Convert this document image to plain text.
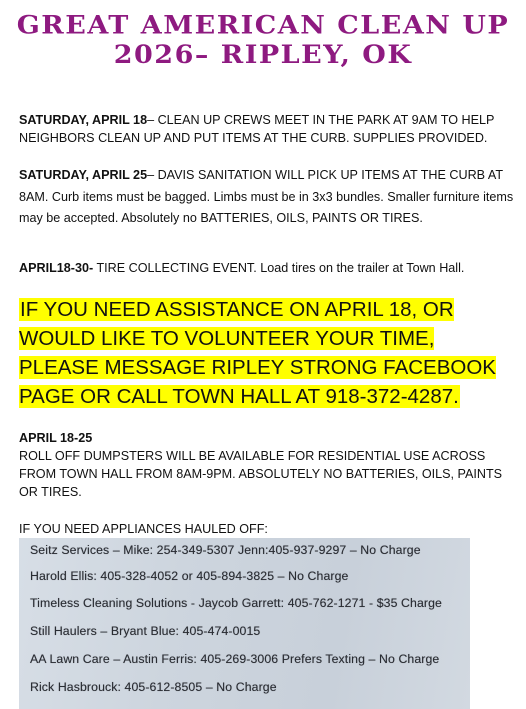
GREAT AMERICAN CLEAN UP
2026– RIPLEY, OK
SATURDAY, APRIL 18– CLEAN UP CREWS MEET IN THE PARK AT 9AM TO HELP NEIGHBORS CLEAN UP AND PUT ITEMS AT THE CURB. SUPPLIES PROVIDED.
SATURDAY, APRIL 25– DAVIS SANITATION WILL PICK UP ITEMS AT THE CURB AT 8AM. Curb items must be bagged. Limbs must be in 3x3 bundles. Smaller furniture items may be accepted. Absolutely no BATTERIES, OILS, PAINTS OR TIRES.
APRIL18-30- TIRE COLLECTING EVENT. Load tires on the trailer at Town Hall.
IF YOU NEED ASSISTANCE ON APRIL 18, OR WOULD LIKE TO VOLUNTEER YOUR TIME, PLEASE MESSAGE RIPLEY STRONG FACEBOOK PAGE OR CALL TOWN HALL AT 918-372-4287.
APRIL 18-25
ROLL OFF DUMPSTERS WILL BE AVAILABLE FOR RESIDENTIAL USE ACROSS FROM TOWN HALL FROM 8AM-9PM. ABSOLUTELY NO BATTERIES, OILS, PAINTS OR TIRES.
IF YOU NEED APPLIANCES HAULED OFF:
Seitz Services – Mike: 254-349-5307 Jenn:405-937-9297 – No Charge
Harold Ellis: 405-328-4052 or 405-894-3825 – No Charge
Timeless Cleaning Solutions - Jaycob Garrett: 405-762-1271 - $35 Charge
Still Haulers – Bryant Blue: 405-474-0015
AA Lawn Care – Austin Ferris: 405-269-3006 Prefers Texting – No Charge
Rick Hasbrouck: 405-612-8505 – No Charge
